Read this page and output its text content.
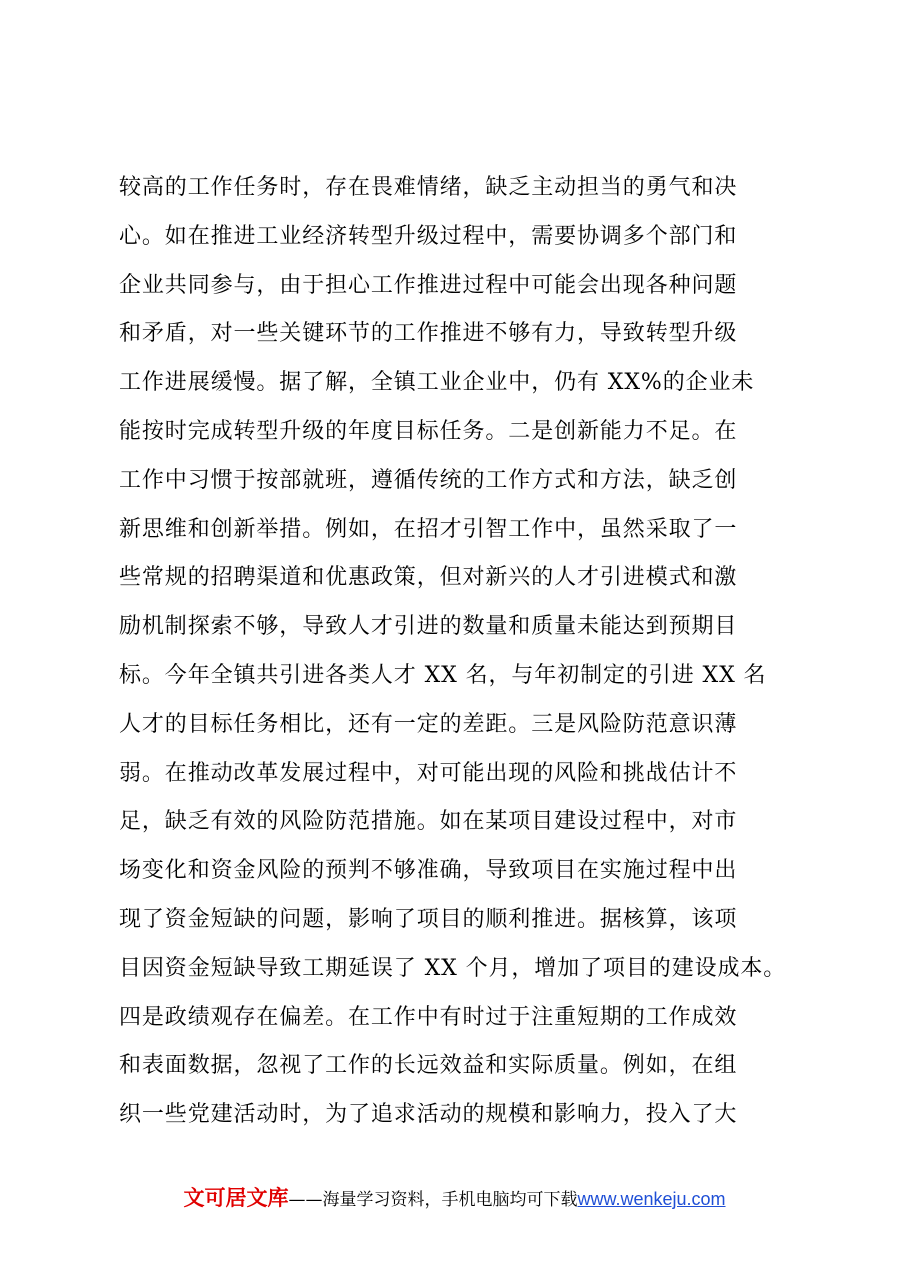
较高的工作任务时，存在畏难情绪，缺乏主动担当的勇气和决
心。如在推进工业经济转型升级过程中，需要协调多个部门和
企业共同参与，由于担心工作推进过程中可能会出现各种问题
和矛盾，对一些关键环节的工作推进不够有力，导致转型升级
工作进展缓慢。据了解，全镇工业企业中，仍有 XX%的企业未
能按时完成转型升级的年度目标任务。二是创新能力不足。在
工作中习惯于按部就班，遵循传统的工作方式和方法，缺乏创
新思维和创新举措。例如，在招才引智工作中，虽然采取了一
些常规的招聘渠道和优惠政策，但对新兴的人才引进模式和激
励机制探索不够，导致人才引进的数量和质量未能达到预期目
标。今年全镇共引进各类人才 XX 名，与年初制定的引进 XX 名
人才的目标任务相比，还有一定的差距。三是风险防范意识薄
弱。在推动改革发展过程中，对可能出现的风险和挑战估计不
足，缺乏有效的风险防范措施。如在某项目建设过程中，对市
场变化和资金风险的预判不够准确，导致项目在实施过程中出
现了资金短缺的问题，影响了项目的顺利推进。据核算，该项
目因资金短缺导致工期延误了 XX 个月，增加了项目的建设成本。
四是政绩观存在偏差。在工作中有时过于注重短期的工作成效
和表面数据，忽视了工作的长远效益和实际质量。例如，在组
织一些党建活动时，为了追求活动的规模和影响力，投入了大
文可居文库——海量学习资料，手机电脑均可下载www.wenkeju.com
